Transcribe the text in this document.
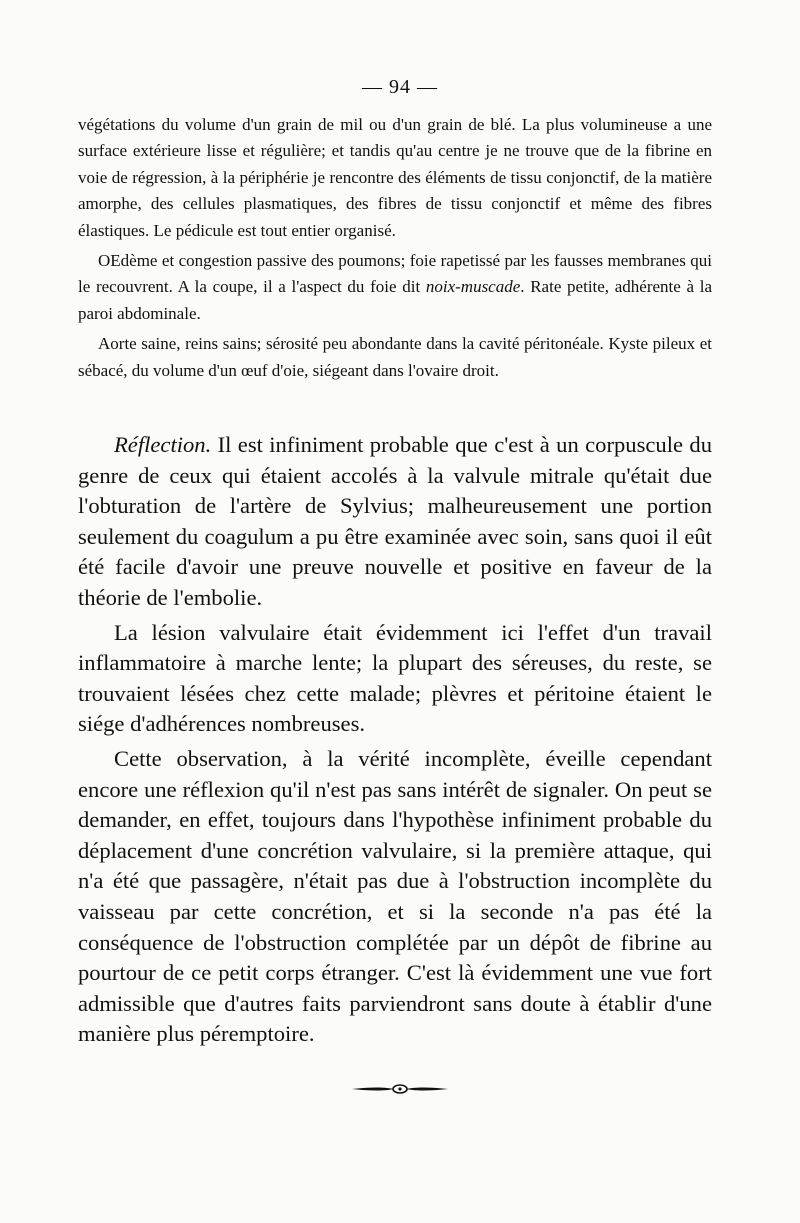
— 94 —

végétations du volume d'un grain de mil ou d'un grain de blé. La plus volumineuse a une surface extérieure lisse et régulière; et tandis qu'au centre je ne trouve que de la fibrine en voie de régression, à la périphérie je rencontre des éléments de tissu conjonctif, de la matière amorphe, des cellules plasmatiques, des fibres de tissu conjonctif et même des fibres élastiques. Le pédicule est tout entier organisé.

OEdème et congestion passive des poumons; foie rapetissé par les fausses membranes qui le recouvrent. A la coupe, il a l'aspect du foie dit noix-muscade. Rate petite, adhérente à la paroi abdominale.

Aorte saine, reins sains; sérosité peu abondante dans la cavité péritonéale. Kyste pileux et sébacé, du volume d'un œuf d'oie, siégeant dans l'ovaire droit.

Réflection. Il est infiniment probable que c'est à un corpuscule du genre de ceux qui étaient accolés à la valvule mitrale qu'était due l'obturation de l'artère de Sylvius; malheureusement une portion seulement du coagulum a pu être examinée avec soin, sans quoi il eût été facile d'avoir une preuve nouvelle et positive en faveur de la théorie de l'embolie.

La lésion valvulaire était évidemment ici l'effet d'un travail inflammatoire à marche lente; la plupart des séreuses, du reste, se trouvaient lésées chez cette malade; plèvres et péritoine étaient le siége d'adhérences nombreuses.

Cette observation, à la vérité incomplète, éveille cependant encore une réflexion qu'il n'est pas sans intérêt de signaler. On peut se demander, en effet, toujours dans l'hypothèse infiniment probable du déplacement d'une concrétion valvulaire, si la première attaque, qui n'a été que passagère, n'était pas due à l'obstruction incomplète du vaisseau par cette concrétion, et si la seconde n'a pas été la conséquence de l'obstruction complétée par un dépôt de fibrine au pourtour de ce petit corps étranger. C'est là évidemment une vue fort admissible que d'autres faits parviendront sans doute à établir d'une manière plus péremptoire.
